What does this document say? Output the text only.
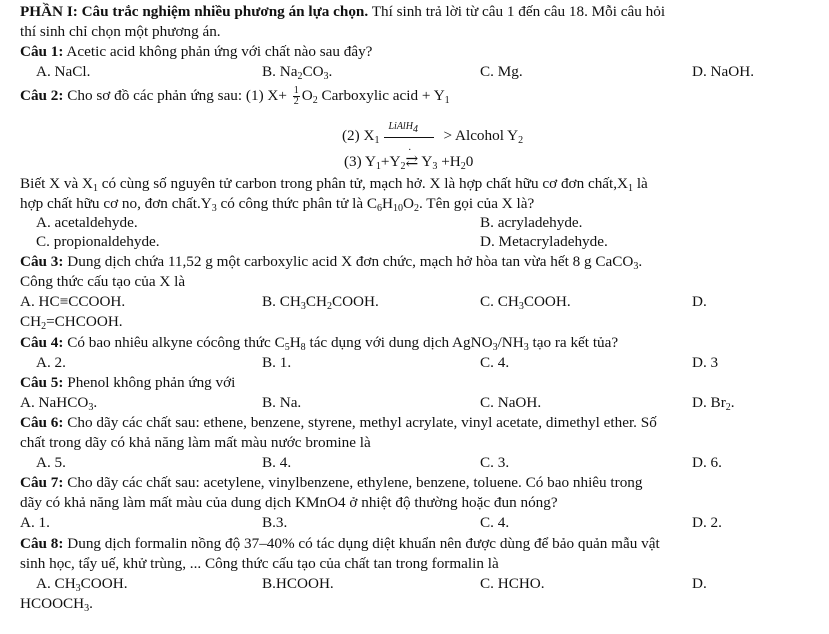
PHẦN I: Câu trắc nghiệm nhiều phương án lựa chọn. Thí sinh trả lời từ câu 1 đến câu 18. Mỗi câu hỏi
thí sinh chỉ chọn một phương án.
Câu 1: Acetic acid không phản ứng với chất nào sau đây?
A. NaCl.	B. $Na_2CO_3$.	C. Mg.	D. NaOH.
Câu 2: Cho sơ đồ các phản ứng sau: (1) $X+ \frac{1}{2} O_2$ Carboxylic acid + $Y_1$
(2) $X_1$
LiAlH$_4$
.
> Alcohol $Y_2$
(3) $Y_1+Y_2⇄$ $Y_3 +H_20$
Biết X và $X_1$ có cùng số nguyên tử carbon trong phân tử, mạch hở. X là hợp chất hữu cơ đơn $chất,X_1$ là
hợp chất hữu cơ no, đơn $chất.Y_3$ có công thức phân tử là $C_6H_{10}O_2$. Tên gọi của X là?
A. acetaldehyde.	B. acryladehyde.
C. propionaldehyde.	D. Metacryladehyde.
Câu 3: Dung dịch chứa 11,52 g một carboxylic acid X đơn chức, mạch hở hòa tan vừa hết 8 g CaCO$_3$.
Công thức cấu tạo của X là
A. HC≡CCOOH.	B. $CH_3CH_2COOH$.	C. $CH_3COOH$.	D.
$CH_2=CHCOOH$.
Câu 4: Có bao nhiêu alkyne cócông thức $C_5H_8$ tác dụng với dung dịch $AgNO_3/NH_3$ tạo ra kết tủa?
A. 2.	B. 1.	C. 4.	D. 3
Câu 5: Phenol không phản ứng với
A. NaHCO$_3$.	B. Na.	C. NaOH.	D. $Br_2$.
Câu 6: Cho dãy các chất sau: ethene, benzene, styrene, methyl acrylate, vinyl acetate, dimethyl ether. Số
chất trong dãy có khả năng làm mất màu nước bromine là
A. 5.	B. 4.	C. 3.	D. 6.
Câu 7: Cho dãy các chất sau: acetylene, vinylbenzene, ethylene, benzene, toluene. Có bao nhiêu trong
dãy có khả năng làm mất màu của dung dịch KMnO4 ở nhiệt độ thường hoặc đun nóng?
A. 1.	B.3.	C. 4.	D. 2.
Câu 8: Dung dịch formalin nồng độ 37–40% có tác dụng diệt khuẩn nên được dùng để bảo quản mẫu vật
sinh học, tẩy uế, khử trùng, ... Công thức cấu tạo của chất tan trong formalin là
A. $CH_3COOH$.	B.HCOOH.	C. HCHO.	D.
$HCOOCH_3$.
